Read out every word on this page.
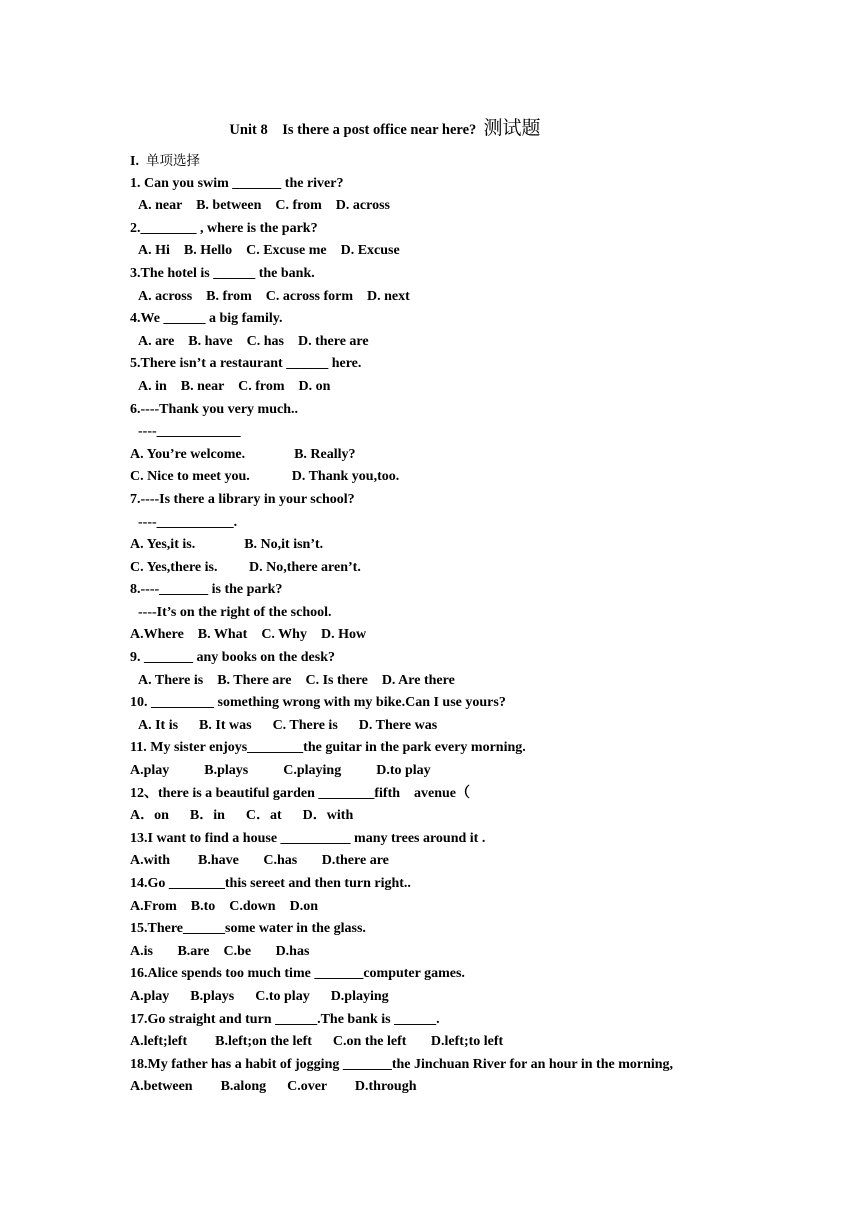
Unit 8    Is there a post office near here?  测试题
I.  单项选择
1. Can you swim _______ the river?
A. near    B. between    C. from    D. across
2.________ , where is the park?
A. Hi    B. Hello    C. Excuse me    D. Excuse
3.The hotel is ______ the bank.
A. across    B. from    C. across form    D. next
4.We ______ a big family.
A. are    B. have    C. has    D. there are
5.There isn’t a restaurant ______ here.
A. in    B. near    C. from    D. on
6.----Thank you very much..
----____________
A. You’re welcome.              B. Really?
C. Nice to meet you.            D. Thank you,too.
7.----Is there a library in your school?
----___________.
A. Yes,it is.              B. No,it isn’t.
C. Yes,there is.         D. No,there aren’t.
8.----_______ is the park?
----It’s on the right of the school.
A.Where    B. What    C. Why    D. How
9. _______ any books on the desk?
A. There is    B. There are    C. Is there    D. Are there
10. _________ something wrong with my bike.Can I use yours?
A. It is      B. It was      C. There is      D. There was
11. My sister enjoys________the guitar in the park every morning.
A.play          B.plays          C.playing          D.to play
12、there is a beautiful garden ________fifth    avenue（
A．on      B．in      C．at      D．with
13.I want to find a house __________ many trees around it .
A.with        B.have       C.has       D.there are
14.Go ________this sereet and then turn right..
A.From    B.to    C.down    D.on
15.There______some water in the glass.
A.is       B.are    C.be       D.has
16.Alice spends too much time _______computer games.
A.play      B.plays      C.to play      D.playing
17.Go straight and turn ______.The bank is ______.
A.left;left        B.left;on the left      C.on the left       D.left;to left
18.My father has a habit of jogging _______the Jinchuan River for an hour in the morning,
A.between        B.along      C.over        D.through
